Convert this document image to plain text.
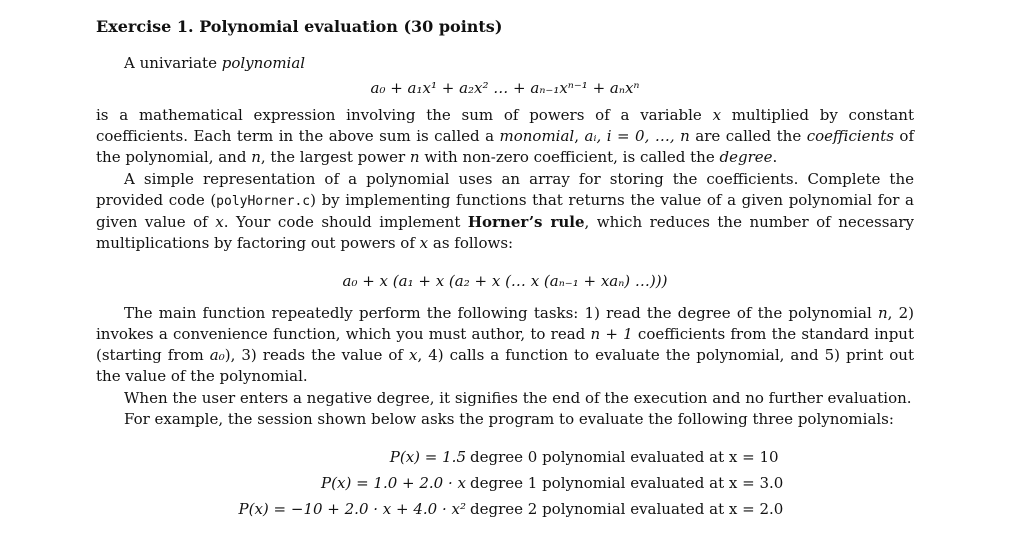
Exercise 1. Polynomial evaluation (30 points)
A univariate polynomial
a₀ + a₁x¹ + a₂x² … + aₙ₋₁xⁿ⁻¹ + aₙxⁿ

is a mathematical expression involving the sum of powers of a variable x multiplied by constant coefficients. Each term in the above sum is called a monomial, aᵢ, i = 0, …, n are called the coefficients of the polynomial, and n, the largest power n with non-zero coefficient, is called the degree.

A simple representation of a polynomial uses an array for storing the coefficients. Complete the provided code (polyHorner.c) by implementing functions that returns the value of a given polynomial for a given value of x. Your code should implement Horner’s rule, which reduces the number of necessary multiplications by factoring out powers of x as follows:

a₀ + x (a₁ + x (a₂ + x (… x (aₙ₋₁ + xaₙ) …)))

The main function repeatedly perform the following tasks: 1) read the degree of the polynomial n, 2) invokes a convenience function, which you must author, to read n + 1 coefficients from the standard input (starting from a₀), 3) reads the value of x, 4) calls a function to evaluate the polynomial, and 5) print out the value of the polynomial.

When the user enters a negative degree, it signifies the end of the execution and no further evaluation.

For example, the session shown below asks the program to evaluate the following three polynomials:

P(x) = 1.5 degree 0 polynomial evaluated at x = 10
P(x) = 1.0 + 2.0 · x degree 1 polynomial evaluated at x = 3.0
P(x) = −10 + 2.0 · x + 4.0 · x² degree 2 polynomial evaluated at x = 2.0
